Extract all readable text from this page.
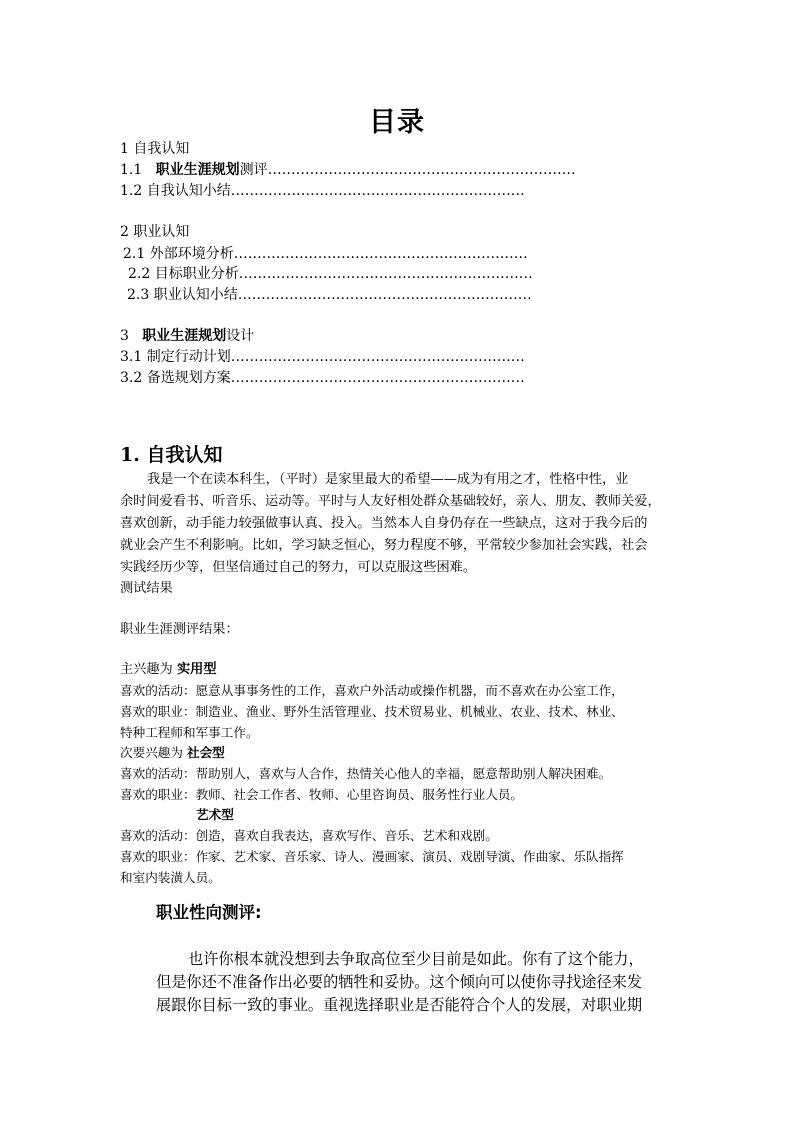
目录
1 自我认知
1.1 职业生涯规划测评…………………………………………………………
1.2 自我认知小结………………………………………………………
2 职业认知
2.1 外部环境分析………………………………………………………
2.2 目标职业分析………………………………………………………
2.3 职业认知小结………………………………………………………
3 职业生涯规划设计
3.1 制定行动计划………………………………………………………
3.2 备选规划方案………………………………………………………
1. 自我认知
我是一个在读本科生，（平时）是家里最大的希望——成为有用之才，性格中性，业
余时间爱看书、听音乐、运动等。平时与人友好相处群众基础较好，亲人、朋友、教师关爱，
喜欢创新，动手能力较强做事认真、投入。当然本人自身仍存在一些缺点，这对于我今后的
就业会产生不利影响。比如，学习缺乏恒心，努力程度不够，平常较少参加社会实践，社会
实践经历少等，但坚信通过自己的努力，可以克服这些困难。
测试结果
职业生涯测评结果：
主兴趣为 实用型
喜欢的活动：愿意从事事务性的工作，喜欢户外活动或操作机器，而不喜欢在办公室工作，
喜欢的职业：制造业、渔业、野外生活管理业、技术贸易业、机械业、农业、技术、林业、
特种工程师和军事工作。
次要兴趣为 社会型
喜欢的活动：帮助别人，喜欢与人合作，热情关心他人的幸福，愿意帮助别人解决困难。
喜欢的职业：教师、社会工作者、牧师、心里咨询员、服务性行业人员。
艺术型
喜欢的活动：创造，喜欢自我表达，喜欢写作、音乐、艺术和戏剧。
喜欢的职业：作家、艺术家、音乐家、诗人、漫画家、演员、戏剧导演、作曲家、乐队指挥
和室内装潢人员。
职业性向测评:
也许你根本就没想到去争取高位至少目前是如此。你有了这个能力，
但是你还不准备作出必要的牺牲和妥协。这个倾向可以使你寻找途径来发
展跟你目标一致的事业。重视选择职业是否能符合个人的发展，对职业期
